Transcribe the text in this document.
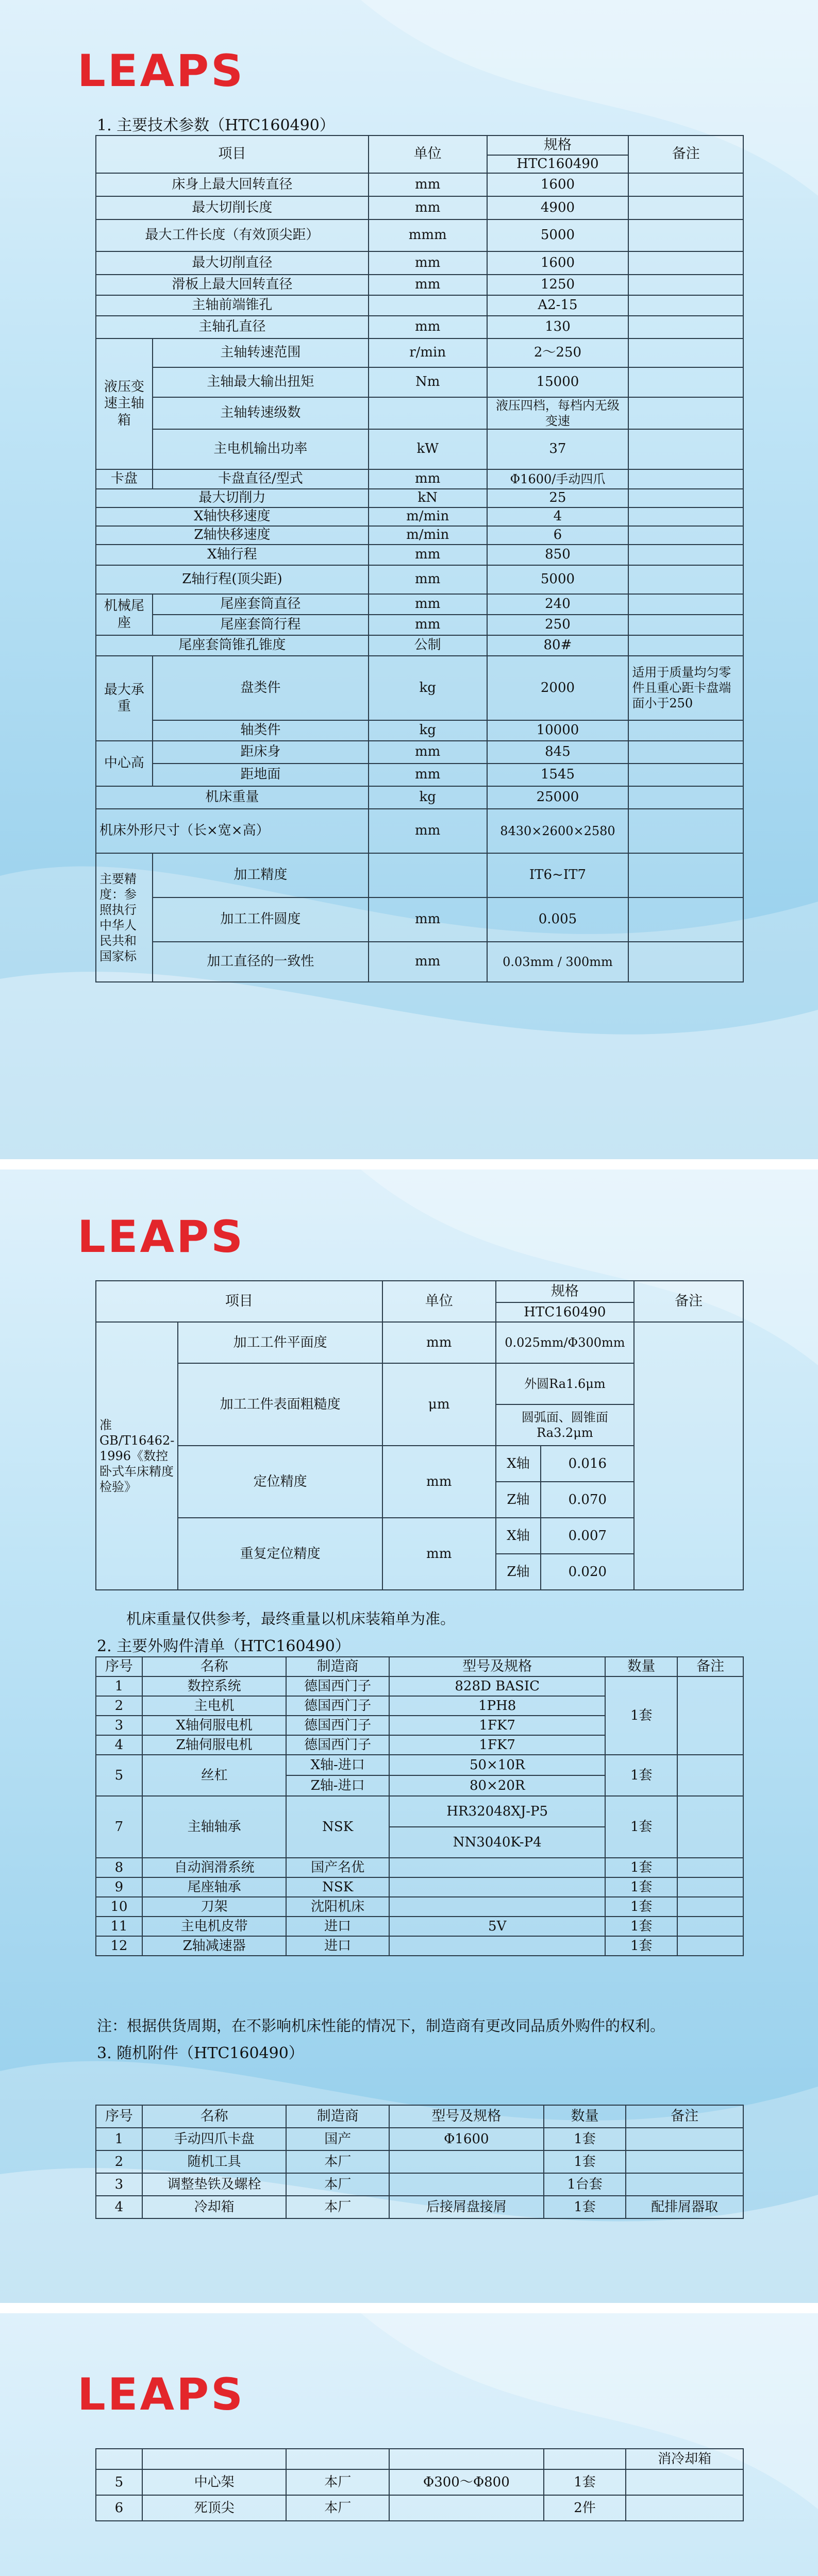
LEAPS
1. 主要技术参数（HTC160490）
项目		单位	规格	备注
			HTC160490	
床身上最大回转直径		mm	1600	
最大切削长度		mm	4900	
最大工件长度（有效顶尖距）		mmm	5000	
最大切削直径		mm	1600	
滑板上最大回转直径		mm	1250	
主轴前端锥孔			A2-15	
主轴孔直径		mm	130	
液压变速主轴箱	主轴转速范围	r/min	2～250	
	主轴最大输出扭矩	Nm	15000	
	主轴转速级数		液压四档，每档内无级变速	
	主电机输出功率	kW	37	
卡盘	卡盘直径/型式	mm	Φ1600/手动四爪	
最大切削力		kN	25	
X轴快移速度		m/min	4	
Z轴快移速度		m/min	6	
X轴行程		mm	850	
Z轴行程(顶尖距)		mm	5000	
机械尾座	尾座套筒直径	mm	240	
	尾座套筒行程	mm	250	
尾座套筒锥孔锥度		公制	80#	
最大承重	盘类件	kg	2000	适用于质量均匀零件且重心距卡盘端面小于250
	轴类件	kg	10000	
中心高	距床身	mm	845	
	距地面	mm	1545	
机床重量		kg	25000	
机床外形尺寸（长×宽×高）		mm	8430×2600×2580	
主要精度：参照执行中华人民共和国家标	加工精度		IT6~IT7	
	加工工件圆度	mm	0.005	
	加工直径的一致性	mm	0.03mm / 300mm	
LEAPS
项目		单位	规格		备注
			HTC160490		
准GB/T16462-1996《数控卧式车床精度检验》	加工工件平面度	mm	0.025mm/Φ300mm		
	加工工件表面粗糙度	μm	外圆Ra1.6μm		
			圆弧面、圆锥面Ra3.2μm		
	定位精度	mm	X轴	0.016	
			Z轴	0.070	
	重复定位精度	mm	X轴	0.007	
			Z轴	0.020	
机床重量仅供参考，最终重量以机床装箱单为准。
2. 主要外购件清单（HTC160490）
序号	名称	制造商	型号及规格	数量	备注
1	数控系统	德国西门子	828D BASIC	1套	
2	主电机	德国西门子	1PH8		
3	X轴伺服电机	德国西门子	1FK7		
4	Z轴伺服电机	德国西门子	1FK7		
5	丝杠	X轴-进口	50×10R	1套	
		Z轴-进口	80×20R		
7	主轴轴承	NSK	HR32048XJ-P5	1套	
			NN3040K-P4		
8	自动润滑系统	国产名优		1套	
9	尾座轴承	NSK		1套	
10	刀架	沈阳机床		1套	
11	主电机皮带	进口	5V	1套	
12	Z轴减速器	进口		1套	
注：根据供货周期，在不影响机床性能的情况下，制造商有更改同品质外购件的权利。
3. 随机附件（HTC160490）
序号	名称	制造商	型号及规格	数量	备注
1	手动四爪卡盘	国产	Φ1600	1套	
2	随机工具	本厂		1套	
3	调整垫铁及螺栓	本厂		1台套	
4	冷却箱	本厂	后接屑盘接屑	1套	配排屑器取
LEAPS
					消冷却箱
5	中心架	本厂	Φ300～Φ800	1套	
6	死顶尖	本厂		2件	
